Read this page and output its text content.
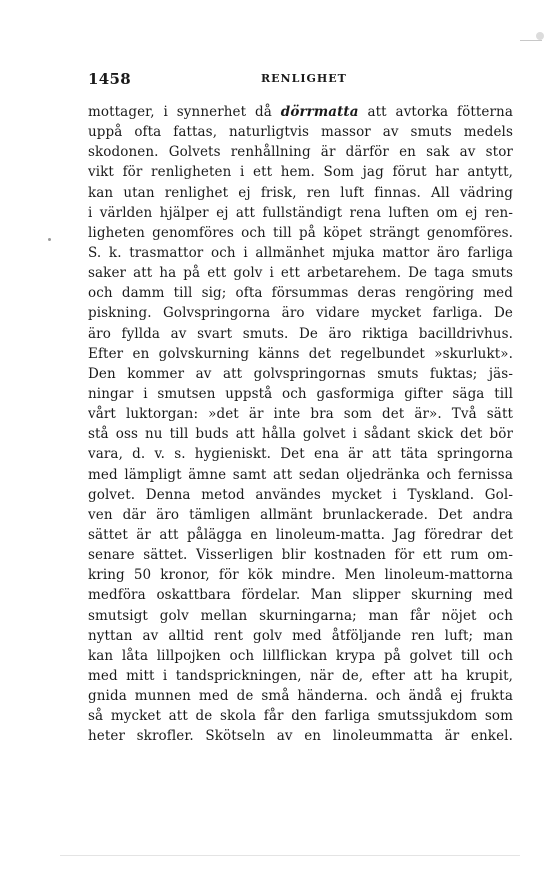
1458	RENLIGHET
mottager, i synnerhet då dörrmatta att avtorka fötterna
uppå ofta fattas, naturligtvis massor av smuts medels
skodonen. Golvets renhållning är därför en sak av stor
vikt för renligheten i ett hem. Som jag förut har antytt,
kan utan renlighet ej frisk, ren luft finnas. All vädring
i världen hjälper ej att fullständigt rena luften om ej ren-
ligheten genomföres och till på köpet strängt genomföres.
S. k. trasmattor och i allmänhet mjuka mattor äro farliga
saker att ha på ett golv i ett arbetarehem. De taga smuts
och damm till sig; ofta försummas deras rengöring med
piskning. Golvspringorna äro vidare mycket farliga. De
äro fyllda av svart smuts. De äro riktiga bacilldrivhus.
Efter en golvskurning känns det regelbundet »skurlukt».
Den kommer av att golvspringornas smuts fuktas; jäs-
ningar i smutsen uppstå och gasformiga gifter säga till
vårt luktorgan: »det är inte bra som det är». Två sätt
stå oss nu till buds att hålla golvet i sådant skick det bör
vara, d. v. s. hygieniskt. Det ena är att täta springorna
med lämpligt ämne samt att sedan oljedränka och fernissa
golvet. Denna metod användes mycket i Tyskland. Gol-
ven där äro tämligen allmänt brunlackerade. Det andra
sättet är att pålägga en linoleum-matta. Jag föredrar det
senare sättet. Visserligen blir kostnaden för ett rum om-
kring 50 kronor, för kök mindre. Men linoleum-mattorna
medföra oskattbara fördelar. Man slipper skurning med
smutsigt golv mellan skurningarna; man får nöjet och
nyttan av alltid rent golv med åtföljande ren luft; man
kan låta lillpojken och lillflickan krypa på golvet till och
med mitt i tandsprickningen, när de, efter att ha krupit,
gnida munnen med de små händerna. och ändå ej frukta
så mycket att de skola får den farliga smutssjukdom som
heter skrofler. Skötseln av en linoleummatta är enkel.
